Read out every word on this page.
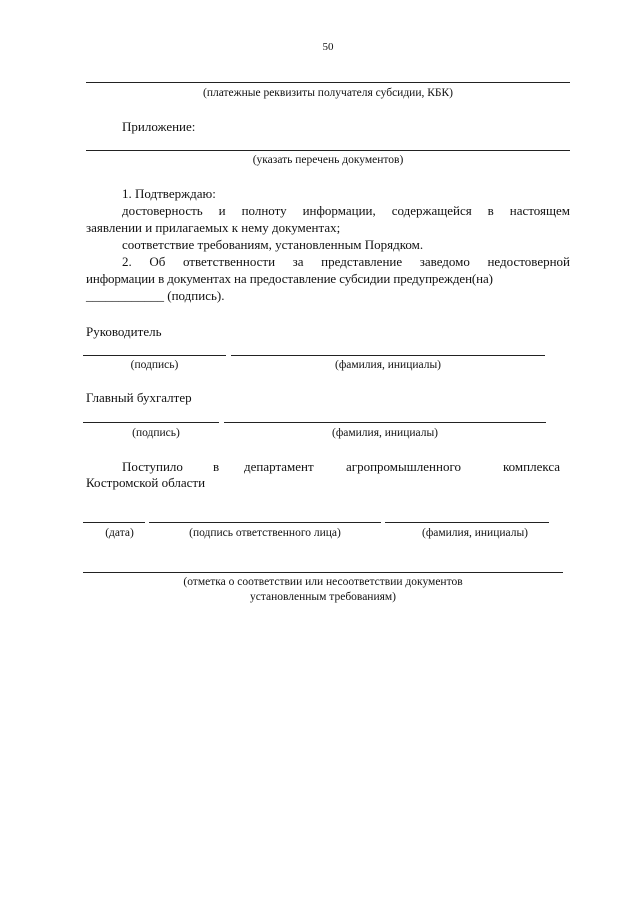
50
(платежные реквизиты получателя субсидии, КБК)
Приложение:
(указать перечень документов)
1. Подтверждаю:
достоверность и полноту информации, содержащейся в настоящем
заявлении и прилагаемых к нему документах;
соответствие требованиям, установленным Порядком.
2. Об ответственности за представление заведомо недостоверной
информации в документах на предоставление субсидии предупрежден(на)
____________ (подпись).
Руководитель
(подпись)	(фамилия, инициалы)
Главный бухгалтер
(подпись)	(фамилия, инициалы)
Поступило в департамент агропромышленного	комплекса
Костромской области
(дата)	(подпись ответственного лица)	(фамилия, инициалы)
(отметка о соответствии или несоответствии документов
установленным требованиям)
